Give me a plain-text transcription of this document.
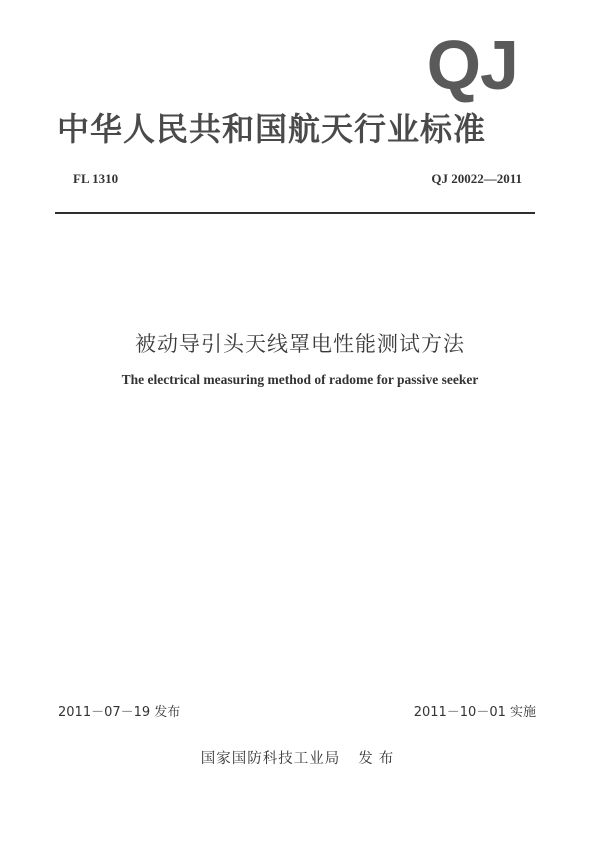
QJ
中华人民共和国航天行业标准
FL 1310	QJ 20022—2011
被动导引头天线罩电性能测试方法
The electrical measuring method of radome for passive seeker
2011－07－19 发布	2011－10－01 实施
国家国防科技工业局 发布
